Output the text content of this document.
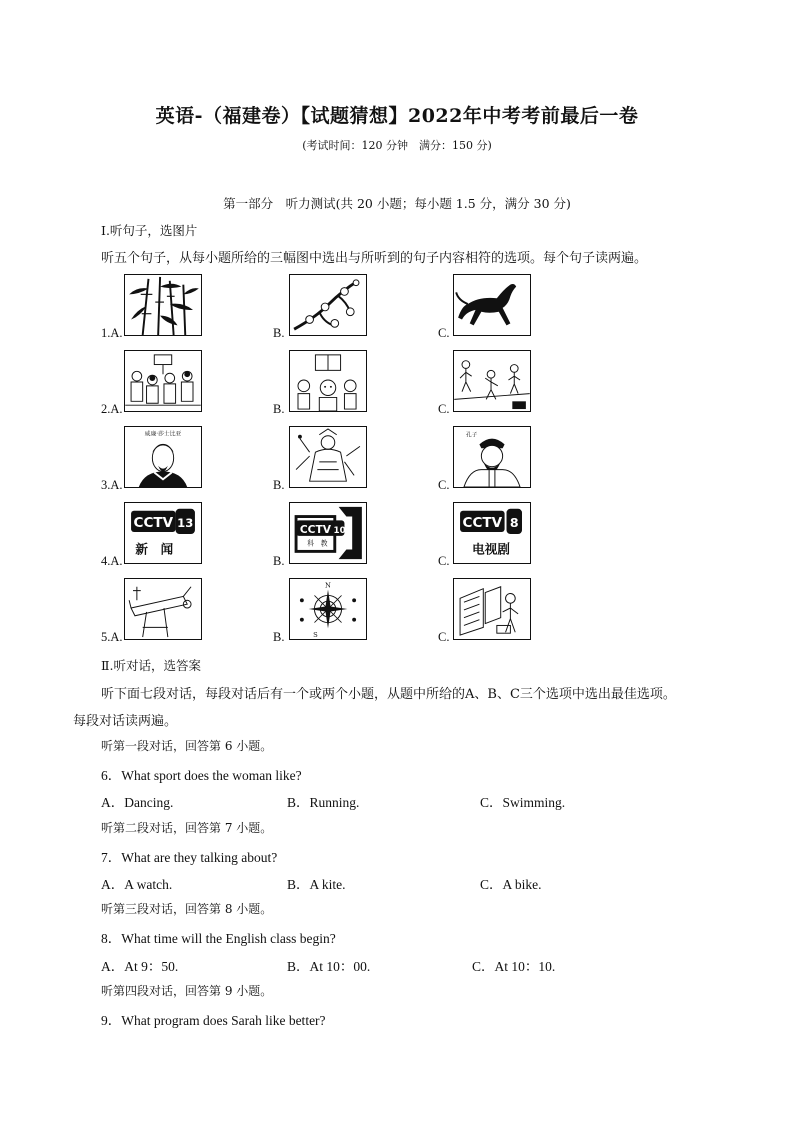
英语-（福建卷）【试题猜想】2022年中考考前最后一卷
(考试时间：120 分钟　满分：150 分)
第一部分　听力测试(共 20 小题；每小题 1.5 分，满分 30 分)
Ⅰ.听句子，选图片
听五个句子，从每小题所给的三幅图中选出与所听到的句子内容相符的选项。每个句子读两遍。
1.A.	B.	C.
2.A.	B.	C.
3.A.	B.	C.
4.A.	B.	C.
5.A.	B.	C.
威廉·莎士比亚	孔子
CCTV 13
新　闻
CCTV 10
科　教
CCTV 8
电视剧
N
S
Ⅱ.听对话，选答案
听下面七段对话，每段对话后有一个或两个小题，从题中所给的A、B、C三个选项中选出最佳选项。
每段对话读两遍。
听第一段对话，回答第 6 小题。
6．What sport does the woman like?
A．Dancing.	B．Running.	C．Swimming.
听第二段对话，回答第 7 小题。
7．What are they talking about?
A．A watch.	B．A kite.	C．A bike.
听第三段对话，回答第 8 小题。
8．What time will the English class begin?
A．At 9：50.	B．At 10：00.	C．At 10：10.
听第四段对话，回答第 9 小题。
9．What program does Sarah like better?
